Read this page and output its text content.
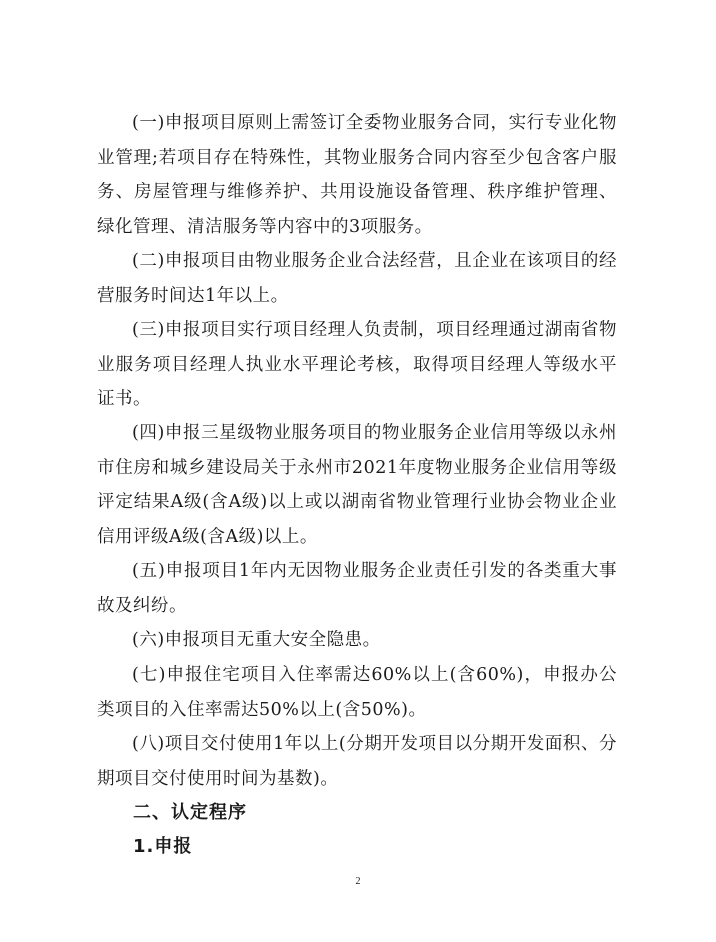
(一)申报项目原则上需签订全委物业服务合同，实行专业化物业管理;若项目存在特殊性，其物业服务合同内容至少包含客户服务、房屋管理与维修养护、共用设施设备管理、秩序维护管理、绿化管理、清洁服务等内容中的3项服务。
(二)申报项目由物业服务企业合法经营，且企业在该项目的经营服务时间达1年以上。
(三)申报项目实行项目经理人负责制，项目经理通过湖南省物业服务项目经理人执业水平理论考核，取得项目经理人等级水平证书。
(四)申报三星级物业服务项目的物业服务企业信用等级以永州市住房和城乡建设局关于永州市2021年度物业服务企业信用等级评定结果A级(含A级)以上或以湖南省物业管理行业协会物业企业信用评级A级(含A级)以上。
(五)申报项目1年内无因物业服务企业责任引发的各类重大事故及纠纷。
(六)申报项目无重大安全隐患。
(七)申报住宅项目入住率需达60%以上(含60%)，申报办公类项目的入住率需达50%以上(含50%)。
(八)项目交付使用1年以上(分期开发项目以分期开发面积、分期项目交付使用时间为基数)。
二、认定程序
1.申报
2
